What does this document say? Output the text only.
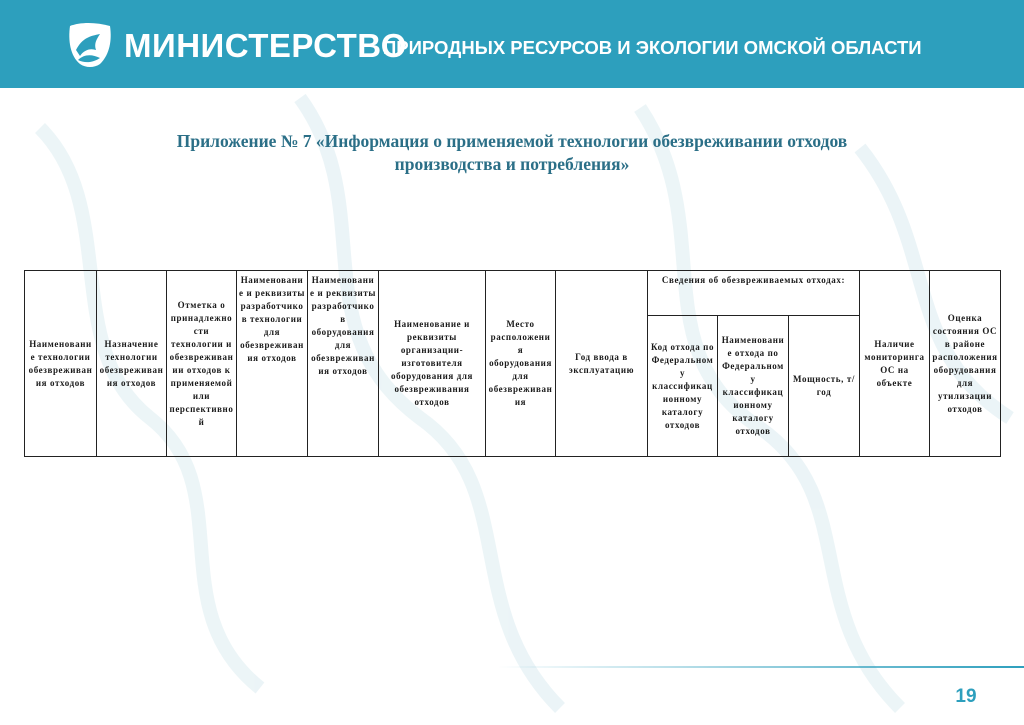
МИНИСТЕРСТВО
ПРИРОДНЫХ РЕСУРСОВ И ЭКОЛОГИИ ОМСКОЙ ОБЛАСТИ
Приложение № 7 «Информация о применяемой технологии обезвреживании отходов
производства и потребления»
Наименование технологии обезвреживания отходов	Назначение технологии обезвреживания отходов	Отметка о принадлежности технологии и обезвреживании отходов к применяемой или перспективной	Наименование и реквизиты разработчиков технологии для обезвреживания отходов	Наименование и реквизиты разработчиков оборудования для обезвреживания отходов	Наименование и реквизиты организации-изготовителя оборудования для обезвреживания отходов	Место расположения оборудования для обезвреживания	Год ввода в эксплуатацию	Сведения об обезвреживаемых отходах:			Наличие мониторинга ОС на объекте	Оценка состояния ОС в районе расположения оборудования для утилизации отходов
								Код отхода по Федеральному классификационному каталогу отходов	Наименование отхода по Федеральному классификационному каталогу отходов	Мощность, т/год		
19
